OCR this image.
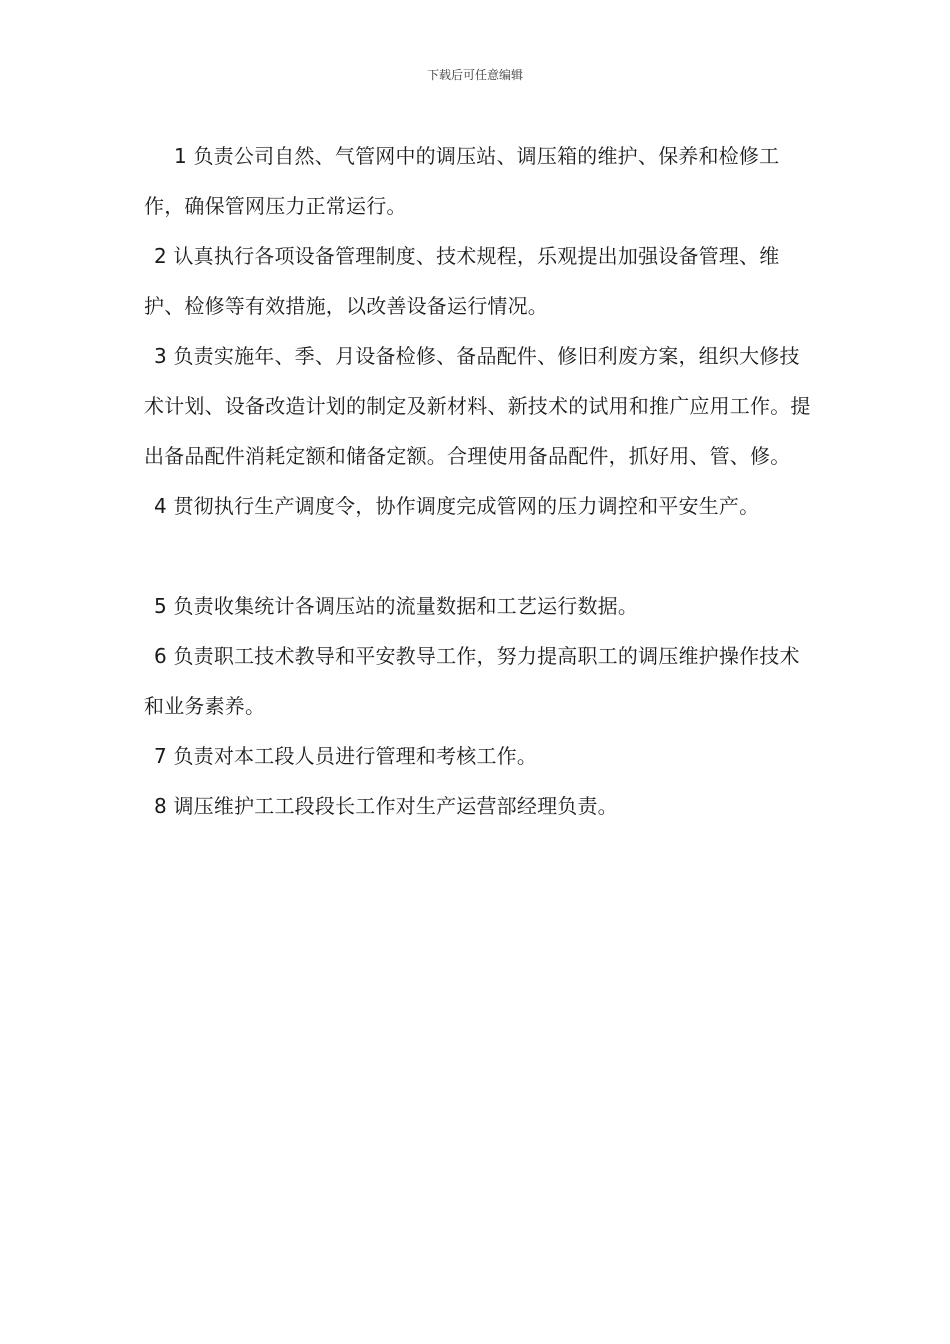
下载后可任意编辑

1 负责公司自然、气管网中的调压站、调压箱的维护、保养和检修工作，确保管网压力正常运行。

2 认真执行各项设备管理制度、技术规程，乐观提出加强设备管理、维护、检修等有效措施，以改善设备运行情况。

3 负责实施年、季、月设备检修、备品配件、修旧利废方案，组织大修技术计划、设备改造计划的制定及新材料、新技术的试用和推广应用工作。提出备品配件消耗定额和储备定额。合理使用备品配件，抓好用、管、修。

4 贯彻执行生产调度令，协作调度完成管网的压力调控和平安生产。

5 负责收集统计各调压站的流量数据和工艺运行数据。

6 负责职工技术教导和平安教导工作，努力提高职工的调压维护操作技术和业务素养。

7 负责对本工段人员进行管理和考核工作。

8 调压维护工工段段长工作对生产运营部经理负责。
